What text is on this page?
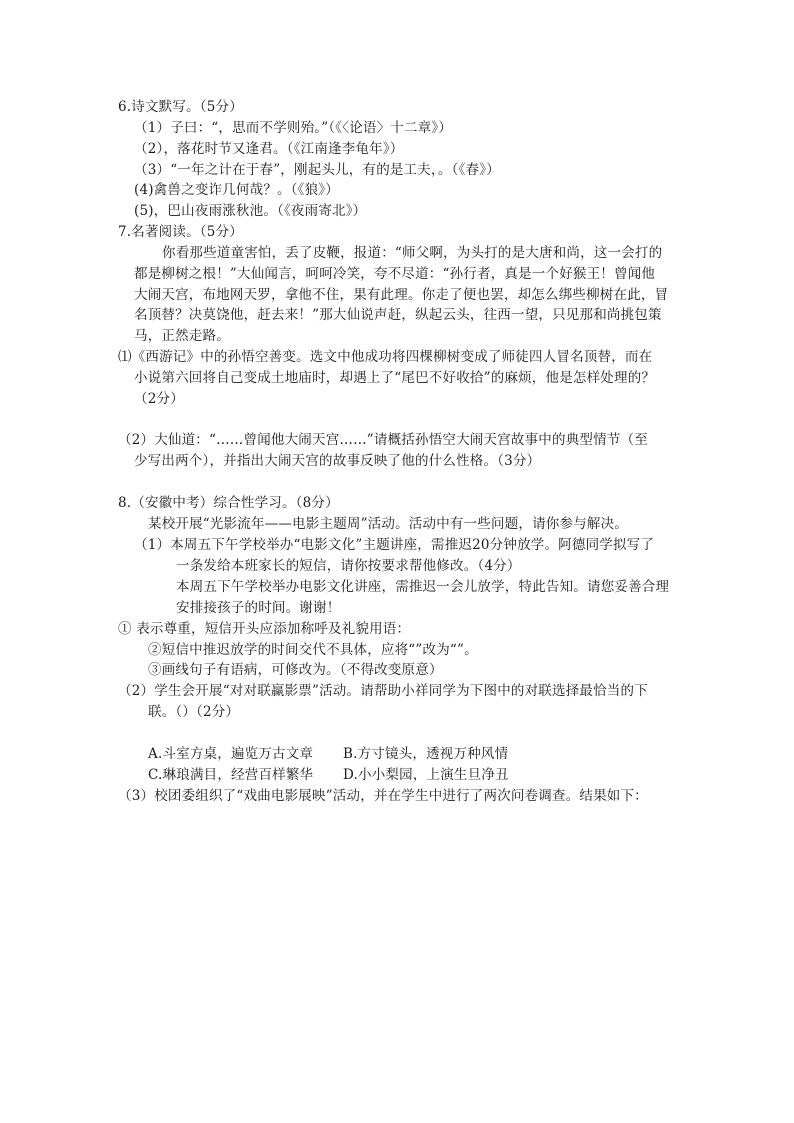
6.诗文默写。（5分）
（1）子曰：“，思而不学则殆。”（《〈论语〉十二章》）
（2），落花时节又逢君。（《江南逢李龟年》）
（3）“一年之计在于春”，刚起头儿，有的是工夫，。（《春》）
(4)禽兽之变诈几何哉？。（《狼》）
(5)，巴山夜雨涨秋池。（《夜雨寄北》）
7.名著阅读。（5分）
你看那些道童害怕，丢了皮鞭，报道：“师父啊，为头打的是大唐和尚，这一会打的
都是柳树之根！”大仙闻言，呵呵冷笑，夸不尽道：“孙行者，真是一个好猴王！曾闻他
大闹天宫，布地网天罗，拿他不住，果有此理。你走了便也罢，却怎么绑些柳树在此，冒
名顶替？决莫饶他，赶去来！”那大仙说声赶，纵起云头，往西一望，只见那和尚挑包策
马，正然走路。
⑴《西游记》中的孙悟空善变。选文中他成功将四棵柳树变成了师徒四人冒名顶替，而在
小说第六回将自己变成土地庙时，却遇上了“尾巴不好收拾”的麻烦，他是怎样处理的？
（2分）
（2）大仙道：“……曾闻他大闹天宫……”请概括孙悟空大闹天宫故事中的典型情节（至
少写出两个），并指出大闹天宫的故事反映了他的什么性格。（3分）
8.（安徽中考）综合性学习。（8分）
某校开展“光影流年——电影主题周”活动。活动中有一些问题，请你参与解决。
（1）本周五下午学校举办“电影文化”主题讲座，需推迟20分钟放学。阿德同学拟写了
一条发给本班家长的短信，请你按要求帮他修改。（4分）
本周五下午学校举办电影文化讲座，需推迟一会儿放学，特此告知。请您妥善合理
安排接孩子的时间。谢谢！
① 表示尊重，短信开头应添加称呼及礼貌用语：
②短信中推迟放学的时间交代不具体，应将“”改为“”。
③画线句子有语病，可修改为。（不得改变原意）
（2）学生会开展“对对联赢影票”活动。请帮助小祥同学为下图中的对联选择最恰当的下
联。（）（2分）
A.斗室方桌，遍览万古文章 B.方寸镜头，透视万种风情
C.琳琅满目，经营百样繁华 D.小小梨园，上演生旦净丑
（3）校团委组织了“戏曲电影展映”活动，并在学生中进行了两次问卷调查。结果如下：
